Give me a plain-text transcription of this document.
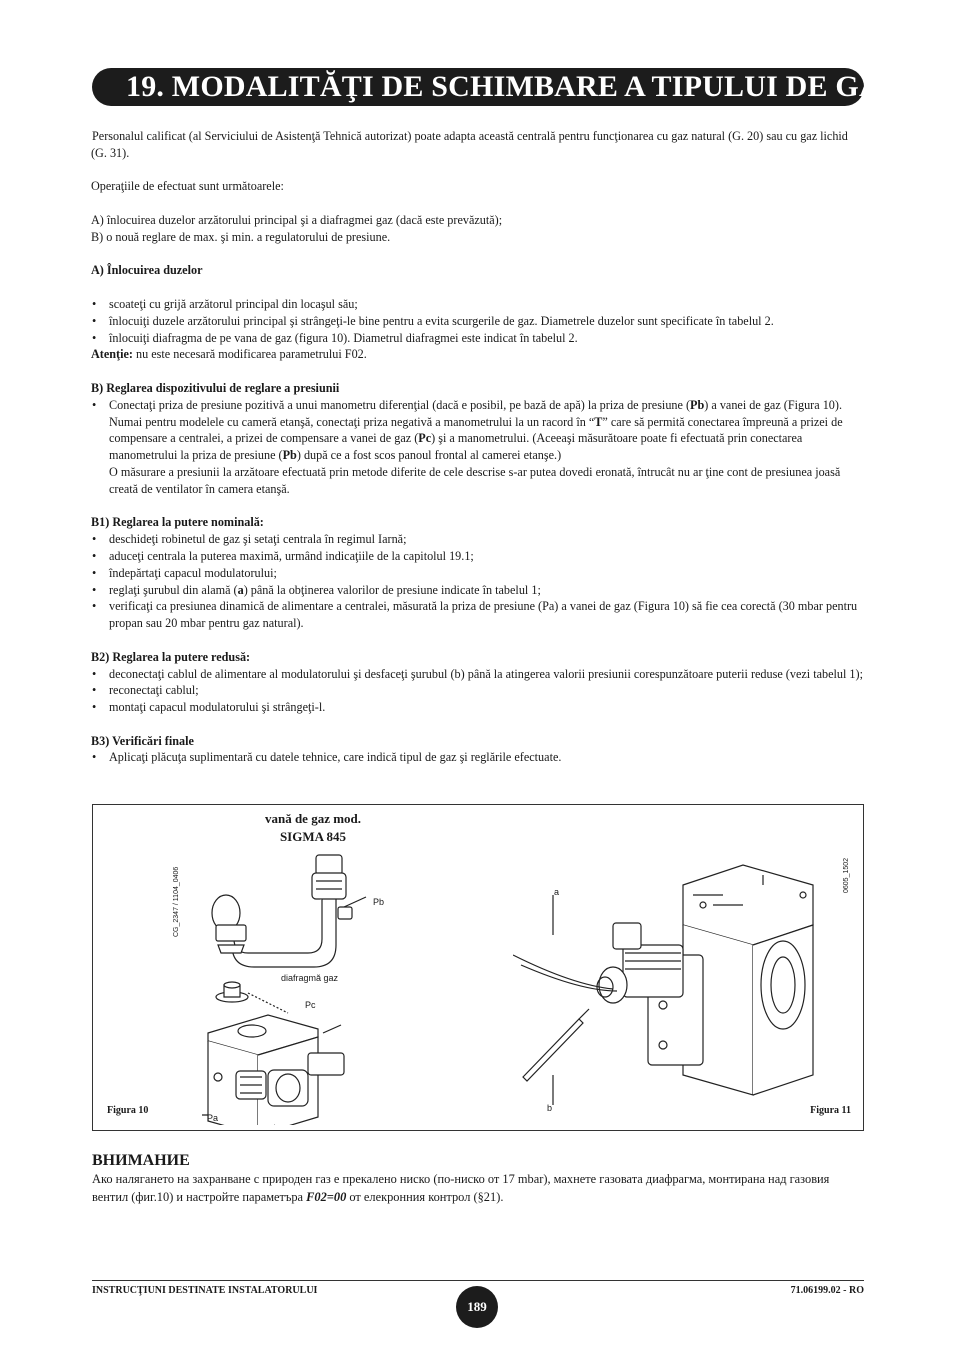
19. MODALITĂŢI DE SCHIMBARE A TIPULUI DE GAZ

Personalul calificat (al Serviciului de Asistenţă Tehnică autorizat) poate adapta această centrală pentru funcţionarea cu gaz natural (G. 20) sau cu gaz lichid (G. 31).

Operaţiile de efectuat sunt următoarele:

A) înlocuirea duzelor arzătorului principal şi a diafragmei gaz (dacă este prevăzută);

B) o nouă reglare de max. şi min. a regulatorului de presiune.

A) Înlocuirea duzelor

• scoateţi cu grijă arzătorul principal din locaşul său;
• înlocuiţi duzele arzătorului principal şi strângeţi-le bine pentru a evita scurgerile de gaz. Diametrele duzelor sunt specificate în tabelul 2.
• înlocuiţi diafragma de pe vana de gaz (figura 10). Diametrul diafragmei este indicat în tabelul 2.

Atenţie: nu este necesară modificarea parametrului F02.

B) Reglarea dispozitivului de reglare a presiunii

• Conectaţi priza de presiune pozitivă a unui manometru diferenţial (dacă e posibil, pe bază de apă) la priza de presiune (Pb) a vanei de gaz (Figura 10). Numai pentru modelele cu cameră etanşă, conectaţi priza negativă a manometrului la un racord în “T” care să permită conectarea împreună a prizei de compensare a centralei, a prizei de compensare a vanei de gaz (Pc) şi a manometrului. (Aceeaşi măsurătoare poate fi efectuată prin conectarea manometrului la priza de presiune (Pb) după ce a fost scos panoul frontal al camerei etanşe.)
O măsurare a presiunii la arzătoare efectuată prin metode diferite de cele descrise s-ar putea dovedi eronată, întrucât nu ar ţine cont de presiunea joasă creată de ventilator în camera etanşă.

B1) Reglarea la putere nominală:

• deschideţi robinetul de gaz şi setaţi centrala în regimul Iarnă;
• aduceţi centrala la puterea maximă, urmând indicaţiile de la capitolul 19.1;
• îndepărtaţi capacul modulatorului;
• reglaţi şurubul din alamă (a) până la obţinerea valorilor de presiune indicate în tabelul 1;
• verificaţi ca presiunea dinamică de alimentare a centralei, măsurată la priza de presiune (Pa) a vanei de gaz (Figura 10) să fie cea corectă (30 mbar pentru propan sau 20 mbar pentru gaz natural).

B2) Reglarea la putere redusă:

• deconectaţi cablul de alimentare al modulatorului şi desfaceţi şurubul (b) până la atingerea valorii presiunii corespunzătoare puterii reduse (vezi tabelul 1);
• reconectaţi cablul;
• montaţi capacul modulatorului şi strângeţi-l.

B3) Verificări finale

• Aplicaţi plăcuţa suplimentară cu datele tehnice, care indică tipul de gaz şi reglările efectuate.
vană de gaz mod.
SIGMA 845
CG_2347 / 1104_0406	0605_1502
Pb
diafragmă gaz
Pc
Pa
a
b
Figura 10	Figura 11
ВНИМАНИЕ
Ако наляганетo на захранване с природен газ е прекалено ниско (по-ниско от 17 mbar), махнете газовата диафрагма, монтирана над газовия вентил (фиг.10) и настройте параметъра F02=00 от елекронния контрол (§21).
INSTRUCŢIUNI DESTINATE INSTALATORULUI
189
71.06199.02 - RO
